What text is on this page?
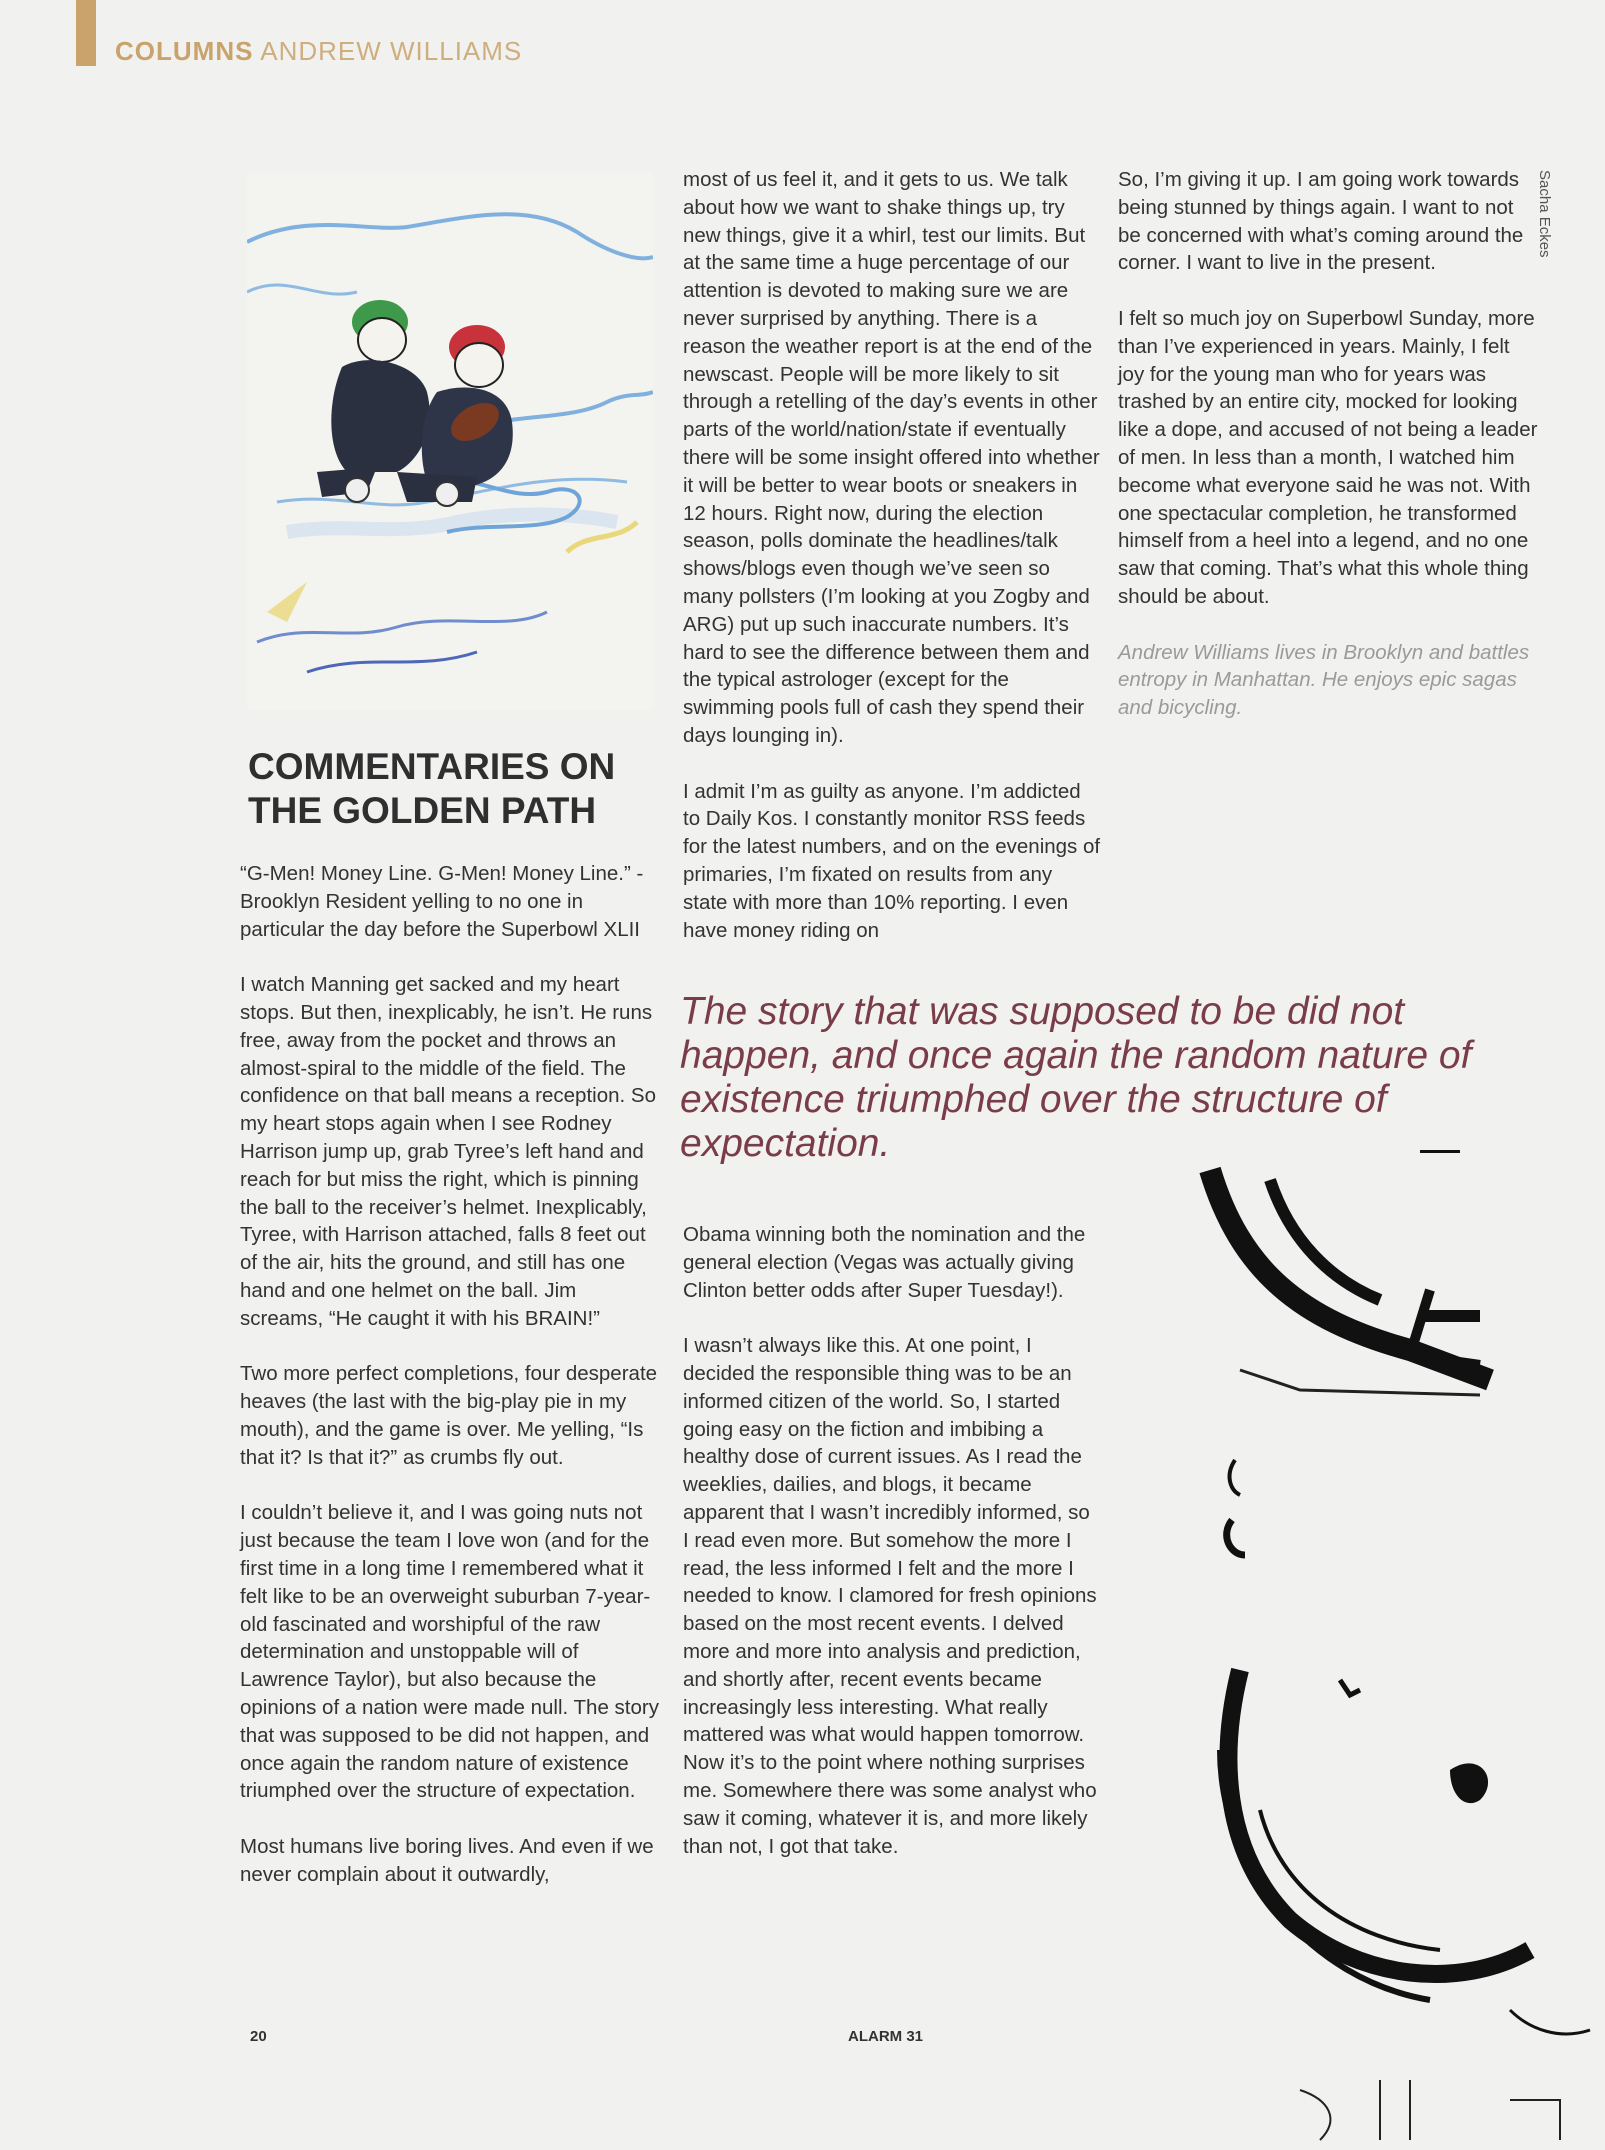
COLUMNS ANDREW WILLIAMS
Sacha Eckes
COMMENTARIES ON THE GOLDEN PATH

“G-Men! Money Line. G-Men! Money Line.” - Brooklyn Resident yelling to no one in particular the day before the Superbowl XLII

I watch Manning get sacked and my heart stops. But then, inexplicably, he isn’t. He runs free, away from the pocket and throws an almost-spiral to the middle of the field. The confidence on that ball means a reception. So my heart stops again when I see Rodney Harrison jump up, grab Tyree’s left hand and reach for but miss the right, which is pinning the ball to the receiver’s helmet. Inexplicably, Tyree, with Harrison attached, falls 8 feet out of the air, hits the ground, and still has one hand and one helmet on the ball. Jim screams, “He caught it with his BRAIN!”

Two more perfect completions, four desperate heaves (the last with the big-play pie in my mouth), and the game is over. Me yelling, “Is that it? Is that it?” as crumbs fly out.

I couldn’t believe it, and I was going nuts not just because the team I love won (and for the first time in a long time I remembered what it felt like to be an overweight suburban 7-year-old fascinated and worshipful of the raw determination and unstoppable will of Lawrence Taylor), but also because the opinions of a nation were made null. The story that was supposed to be did not happen, and once again the random nature of existence triumphed over the structure of expectation.

Most humans live boring lives. And even if we never complain about it outwardly,

most of us feel it, and it gets to us. We talk about how we want to shake things up, try new things, give it a whirl, test our limits. But at the same time a huge percentage of our attention is devoted to making sure we are never surprised by anything. There is a reason the weather report is at the end of the newscast. People will be more likely to sit through a retelling of the day’s events in other parts of the world/nation/state if eventually there will be some insight offered into whether it will be better to wear boots or sneakers in 12 hours. Right now, during the election season, polls dominate the headlines/talk shows/blogs even though we’ve seen so many pollsters (I’m looking at you Zogby and ARG) put up such inaccurate numbers. It’s hard to see the difference between them and the typical astrologer (except for the swimming pools full of cash they spend their days lounging in).

I admit I’m as guilty as anyone. I’m addicted to Daily Kos. I constantly monitor RSS feeds for the latest numbers, and on the evenings of primaries, I’m fixated on results from any state with more than 10% reporting. I even have money riding on

The story that was supposed to be did not happen, and once again the random nature of existence triumphed over the structure of expectation.

Obama winning both the nomination and the general election (Vegas was actually giving Clinton better odds after Super Tuesday!).

I wasn’t always like this. At one point, I decided the responsible thing was to be an informed citizen of the world. So, I started going easy on the fiction and imbibing a healthy dose of current issues. As I read the weeklies, dailies, and blogs, it became apparent that I wasn’t incredibly informed, so I read even more. But somehow the more I read, the less informed I felt and the more I needed to know. I clamored for fresh opinions based on the most recent events. I delved more and more into analysis and prediction, and shortly after, recent events became increasingly less interesting. What really mattered was what would happen tomorrow. Now it’s to the point where nothing surprises me. Somewhere there was some analyst who saw it coming, whatever it is, and more likely than not, I got that take.

So, I’m giving it up. I am going work towards being stunned by things again. I want to not be concerned with what’s coming around the corner. I want to live in the present.

I felt so much joy on Superbowl Sunday, more than I’ve experienced in years. Mainly, I felt joy for the young man who for years was trashed by an entire city, mocked for looking like a dope, and accused of not being a leader of men. In less than a month, I watched him become what everyone said he was not. With one spectacular completion, he transformed himself from a heel into a legend, and no one saw that coming. That’s what this whole thing should be about.

Andrew Williams lives in Brooklyn and battles entropy in Manhattan. He enjoys epic sagas and bicycling.

20	ALARM 31
